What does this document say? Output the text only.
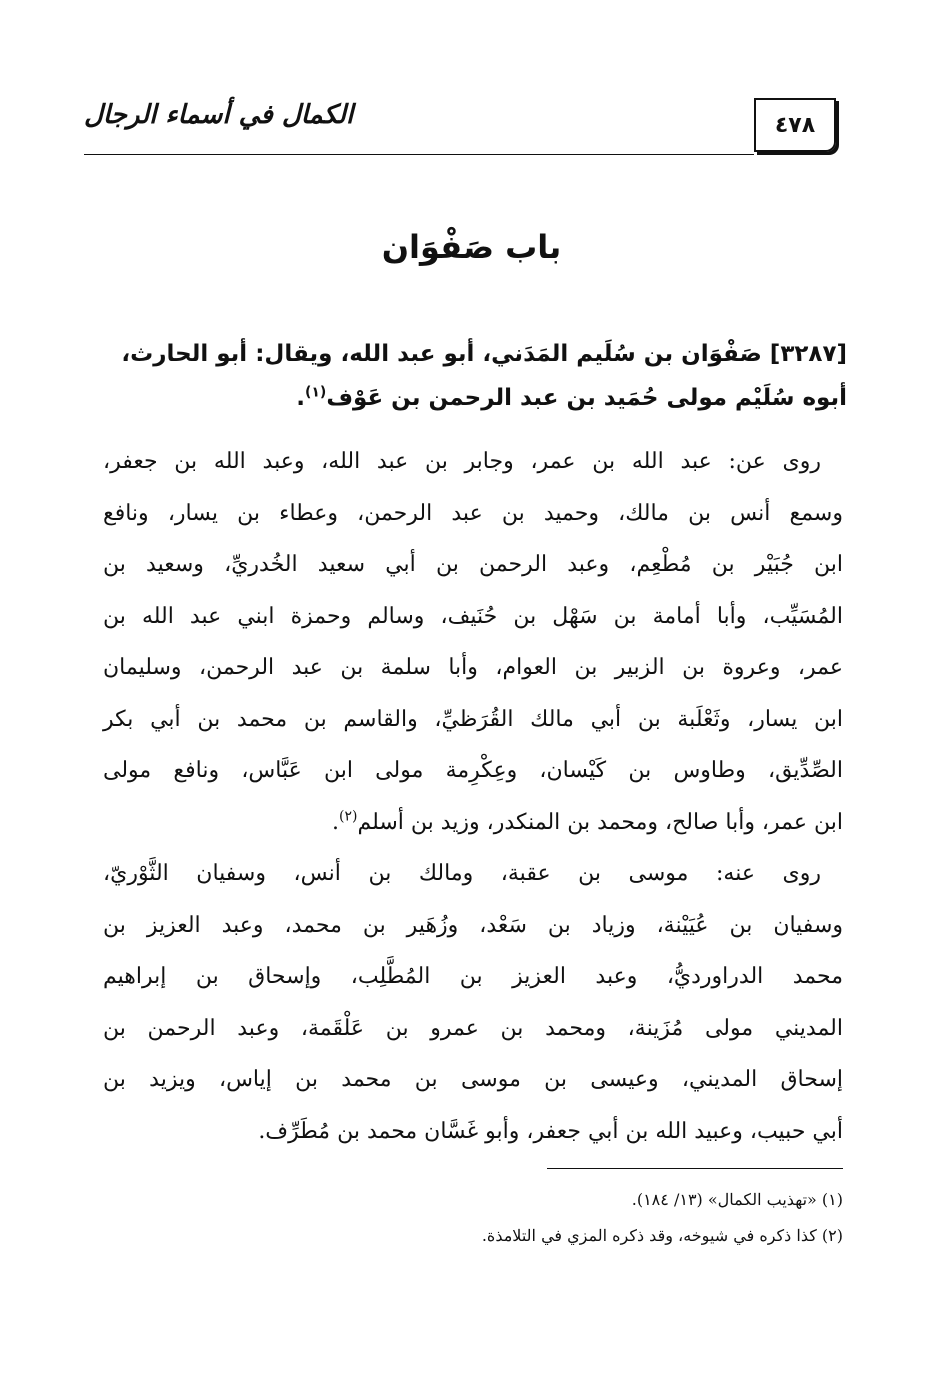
٤٧٨
الكمال في أسماء الرجال
باب صَفْوَان
[٣٢٨٧] صَفْوَان بن سُلَيم المَدَني، أبو عبد الله، ويقال: أبو الحارث،
أبوه سُلَيْم مولى حُمَيد بن عبد الرحمن بن عَوْف$^{(١)}$.
روى عن: عبد الله بن عمر، وجابر بن عبد الله، وعبد الله بن جعفر،
وسمع أنس بن مالك، وحميد بن عبد الرحمن، وعطاء بن يسار، ونافع
ابن جُبَيْر بن مُطْعِم، وعبد الرحمن بن أبي سعيد الخُدريِّ، وسعيد بن
المُسَيِّب، وأبا أمامة بن سَهْل بن حُنَيف، وسالم وحمزة ابني عبد الله بن
عمر، وعروة بن الزبير بن العوام، وأبا سلمة بن عبد الرحمن، وسليمان
ابن يسار، وثَعْلَبة بن أبي مالك القُرَظيِّ، والقاسم بن محمد بن أبي بكر
الصِّدِّيق، وطاوس بن كَيْسان، وعِكْرِمة مولى ابن عَبَّاس، ونافع مولى
ابن عمر، وأبا صالح، ومحمد بن المنكدر، وزيد بن أسلم$^{(٢)}$.
روى عنه: موسى بن عقبة، ومالك بن أنس، وسفيان الثَّوْريّ،
وسفيان بن عُيَيْنة، وزياد بن سَعْد، وزُهَير بن محمد، وعبد العزيز بن
محمد الدراورديُّ، وعبد العزيز بن المُطَّلِب، وإسحاق بن إبراهيم
المديني مولى مُزَينة، ومحمد بن عمرو بن عَلْقَمة، وعبد الرحمن بن
إسحاق المديني، وعيسى بن موسى بن محمد بن إياس، ويزيد بن
أبي حبيب، وعبيد الله بن أبي جعفر، وأبو غَسَّان محمد بن مُطَرِّف.
(١) «تهذيب الكمال» (١٣/ ١٨٤).
(٢) كذا ذكره في شيوخه، وقد ذكره المزي في التلامذة.
